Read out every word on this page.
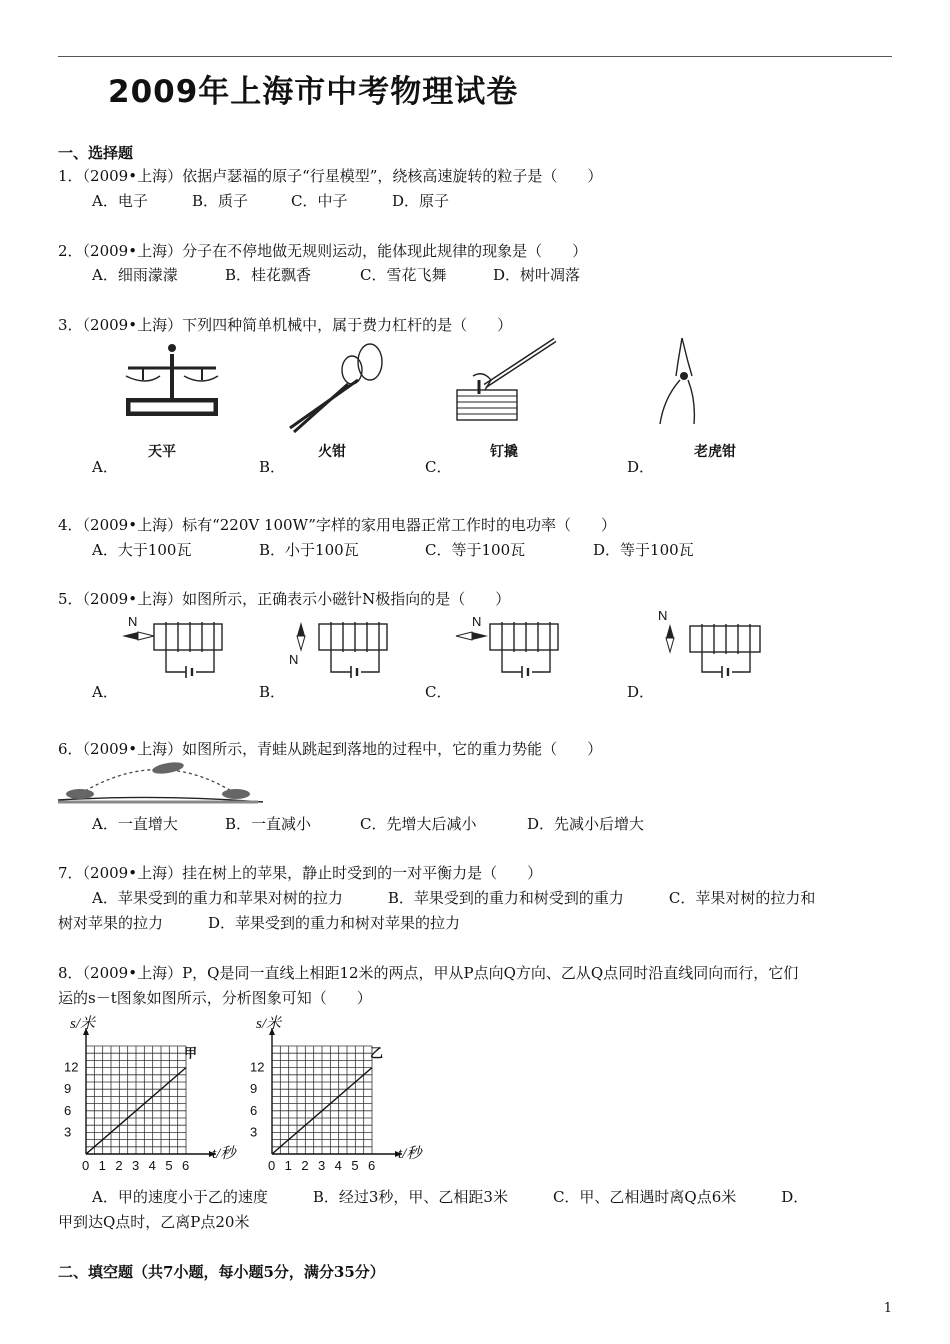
2009年上海市中考物理试卷
一、选择题
1．（2009•上海）依据卢瑟福的原子“行星模型”，绕核高速旋转的粒子是（　　）
A．电子	B．质子	C．中子	D．原子
2．（2009•上海）分子在不停地做无规则运动，能体现此规律的现象是（　　）
A．细雨濛濛	B．桂花飘香	C．雪花飞舞	D．树叶凋落
3．（2009•上海）下列四种简单机械中，属于费力杠杆的是（　　）
天平	火钳	钉撬	老虎钳
A．	B．	C．	D．
4．（2009•上海）标有“220V 100W”字样的家用电器正常工作时的电功率（　　）
A．大于100瓦	B．小于100瓦	C．等于100瓦	D．等于100瓦
5．（2009•上海）如图所示，正确表示小磁针N极指向的是（　　）
N
N
N	N
A．	B．	C．	D．
6．（2009•上海）如图所示，青蛙从跳起到落地的过程中，它的重力势能（　　）
A．一直增大	B．一直减小	C．先增大后减小	D．先减小后增大
7．（2009•上海）挂在树上的苹果，静止时受到的一对平衡力是（　　）
A．苹果受到的重力和苹果对树的拉力　　　B．苹果受到的重力和树受到的重力　　　C．苹果对树的拉力和
树对苹果的拉力　　　D．苹果受到的重力和树对苹果的拉力
8．（2009•上海）P，Q是同一直线上相距12米的两点，甲从P点向Q方向、乙从Q点同时沿直线同向而行，它们
运的s－t图象如图所示，分析图象可知（　　）
0 1 2 3 4 5 6
3
6
9
12
t/秒
s/米
甲
0 1 2 3 4 5 6
3
6
9
12
t/秒
s/米
乙
A．甲的速度小于乙的速度　　　B．经过3秒，甲、乙相距3米　　　C．甲、乙相遇时离Q点6米　　　D．
甲到达Q点时，乙离P点20米
二、填空题（共7小题，每小题5分，满分35分）
1
